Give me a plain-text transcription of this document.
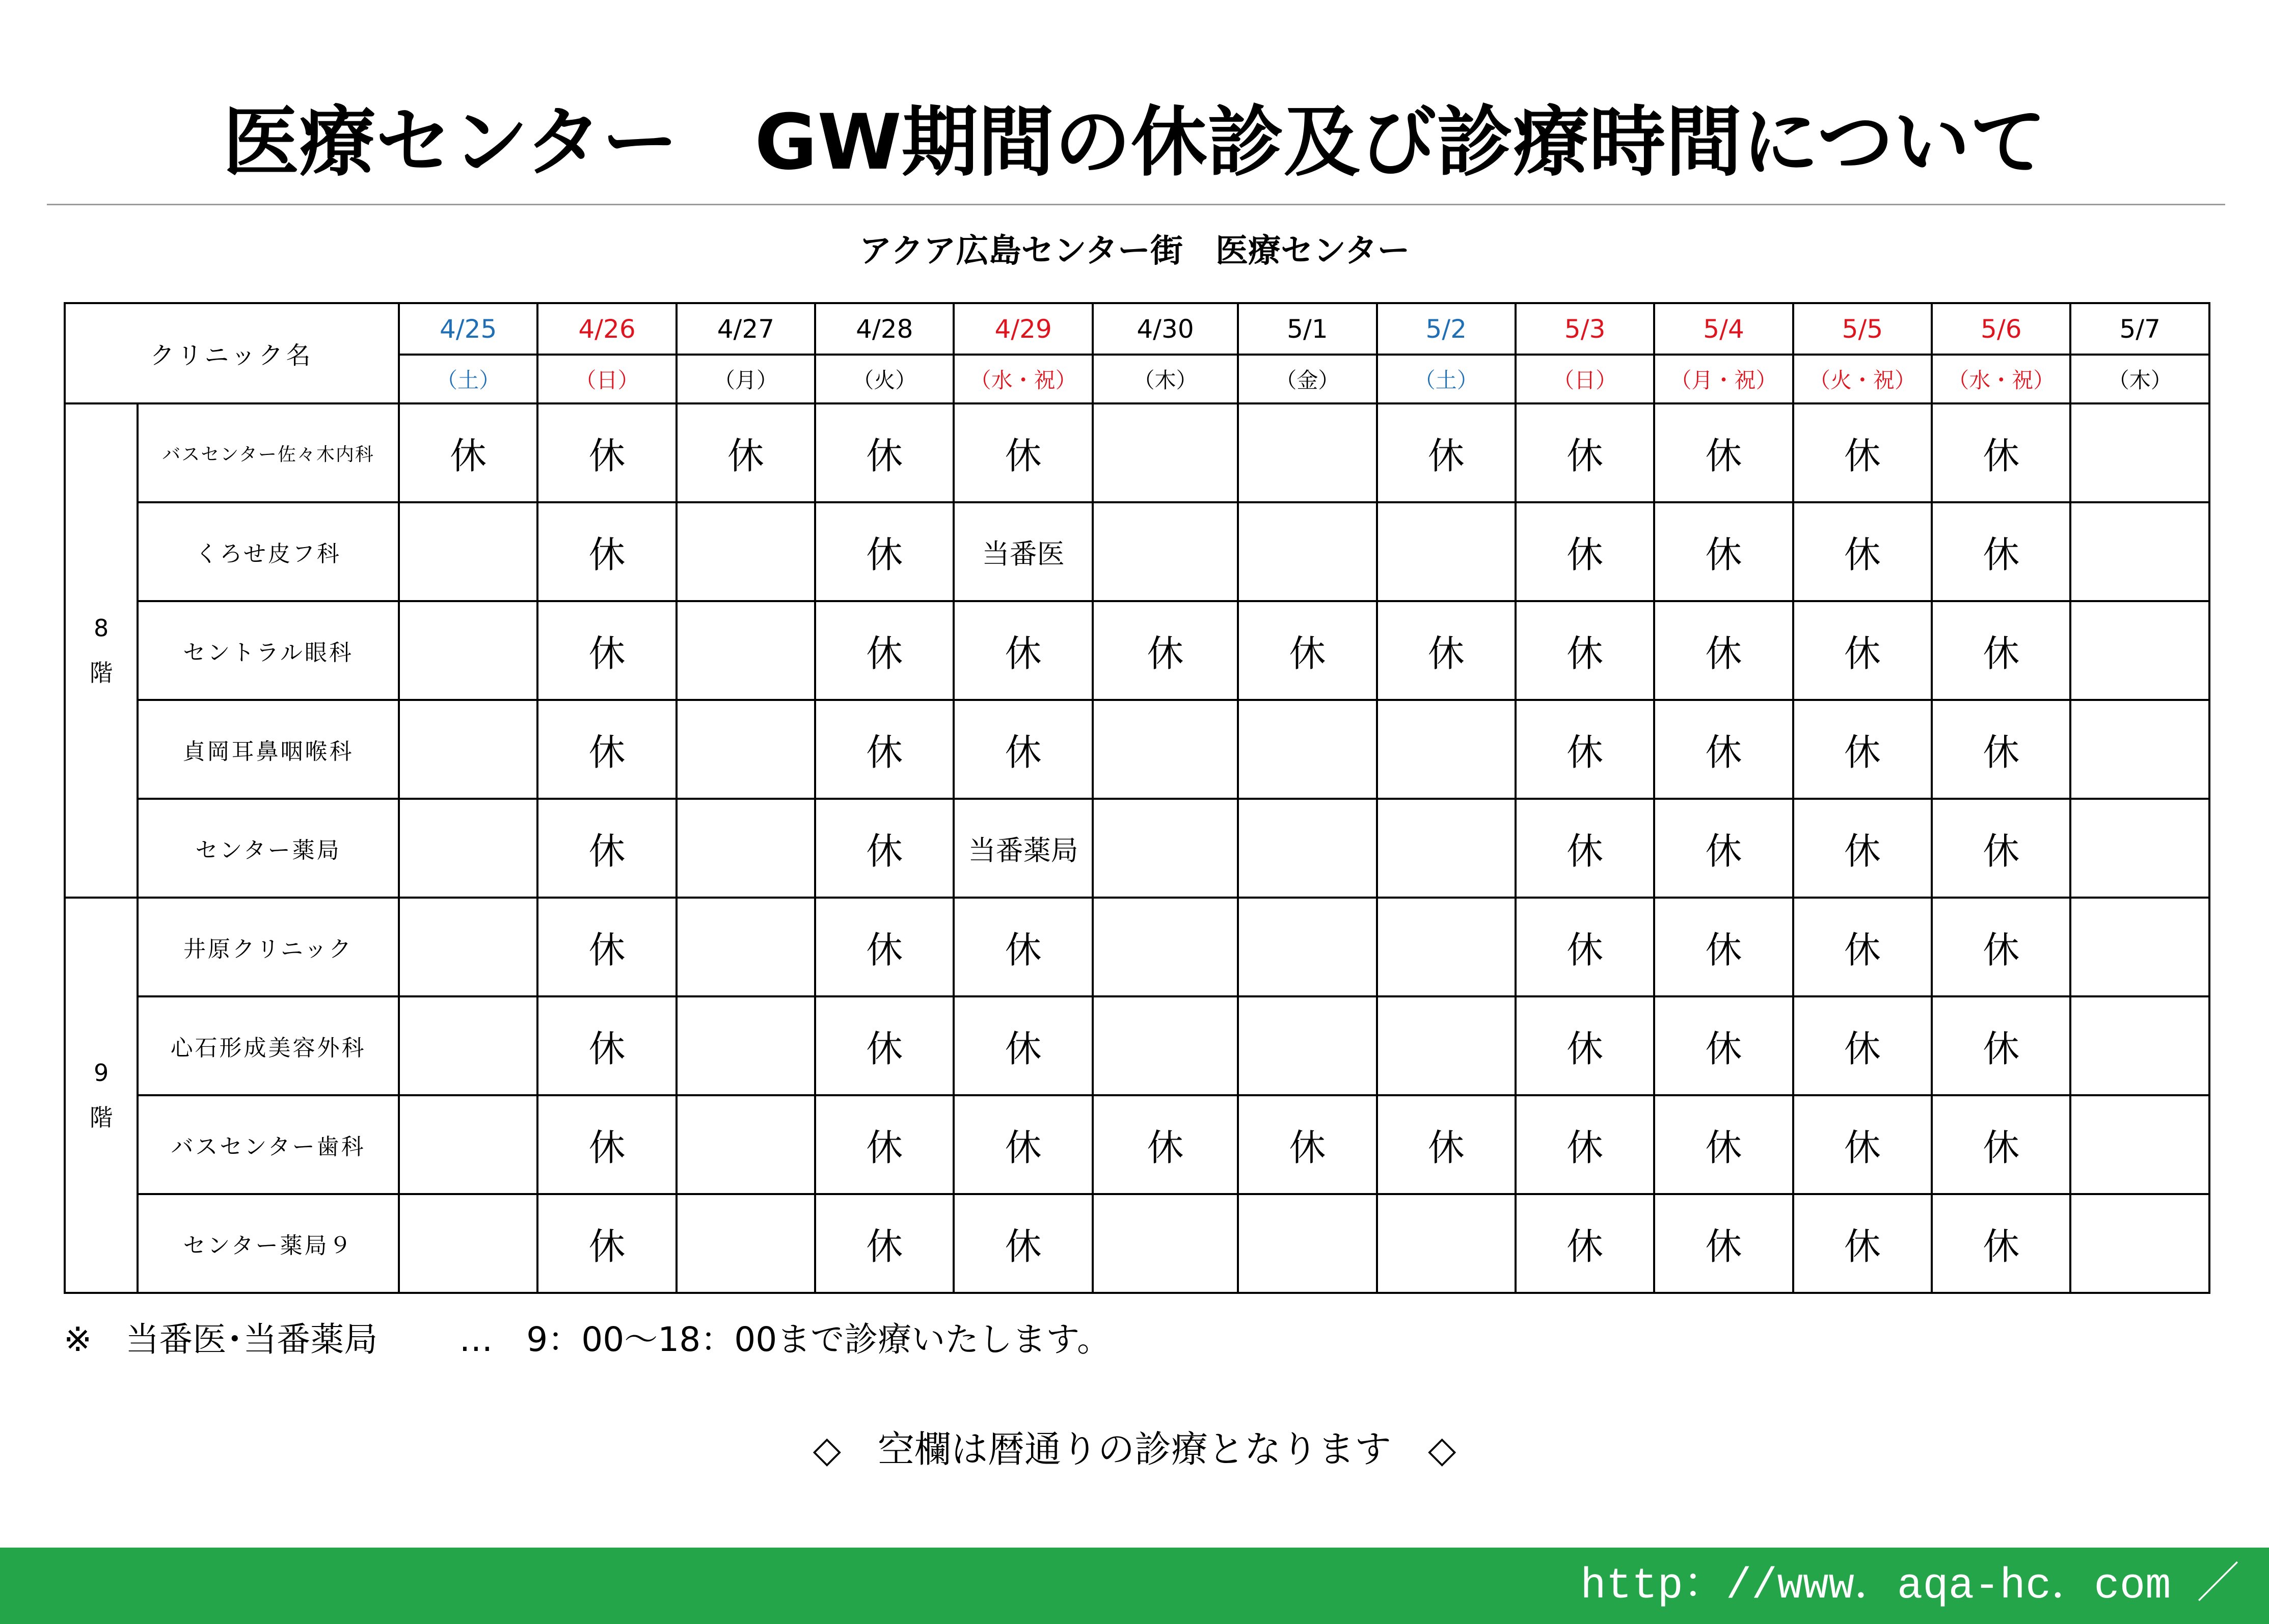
医療センター　GW期間の休診及び診療時間について
アクア広島センター街　医療センター
クリニック名		4/25	4/26	4/27	4/28	4/29	4/30	5/1	5/2	5/3	5/4	5/5	5/6	5/7
		（土）	（日）	（月）	（火）	（水・祝）	（木）	（金）	（土）	（日）	（月・祝）	（火・祝）	（水・祝）	（木）

8
階	バスセンター佐々木内科	休	休	休	休	休			休	休	休	休	休	
	くろせ皮フ科		休		休	当番医				休	休	休	休	
	セントラル眼科		休		休	休	休	休	休	休	休	休	休	
	貞岡耳鼻咽喉科		休		休	休				休	休	休	休	
	センター薬局		休		休	当番薬局				休	休	休	休	

9
階	井原クリニック		休		休	休				休	休	休	休	
	心石形成美容外科		休		休	休				休	休	休	休	
	バスセンター歯科		休		休	休	休	休	休	休	休	休	休	
	センター薬局９		休		休	休				休	休	休	休	
※　 当番医･当番薬局 …　9：00～18：00まで診療いたします。
◇　空欄は暦通りの診療となります　◇
http：//www．aqa-hc．com ／
